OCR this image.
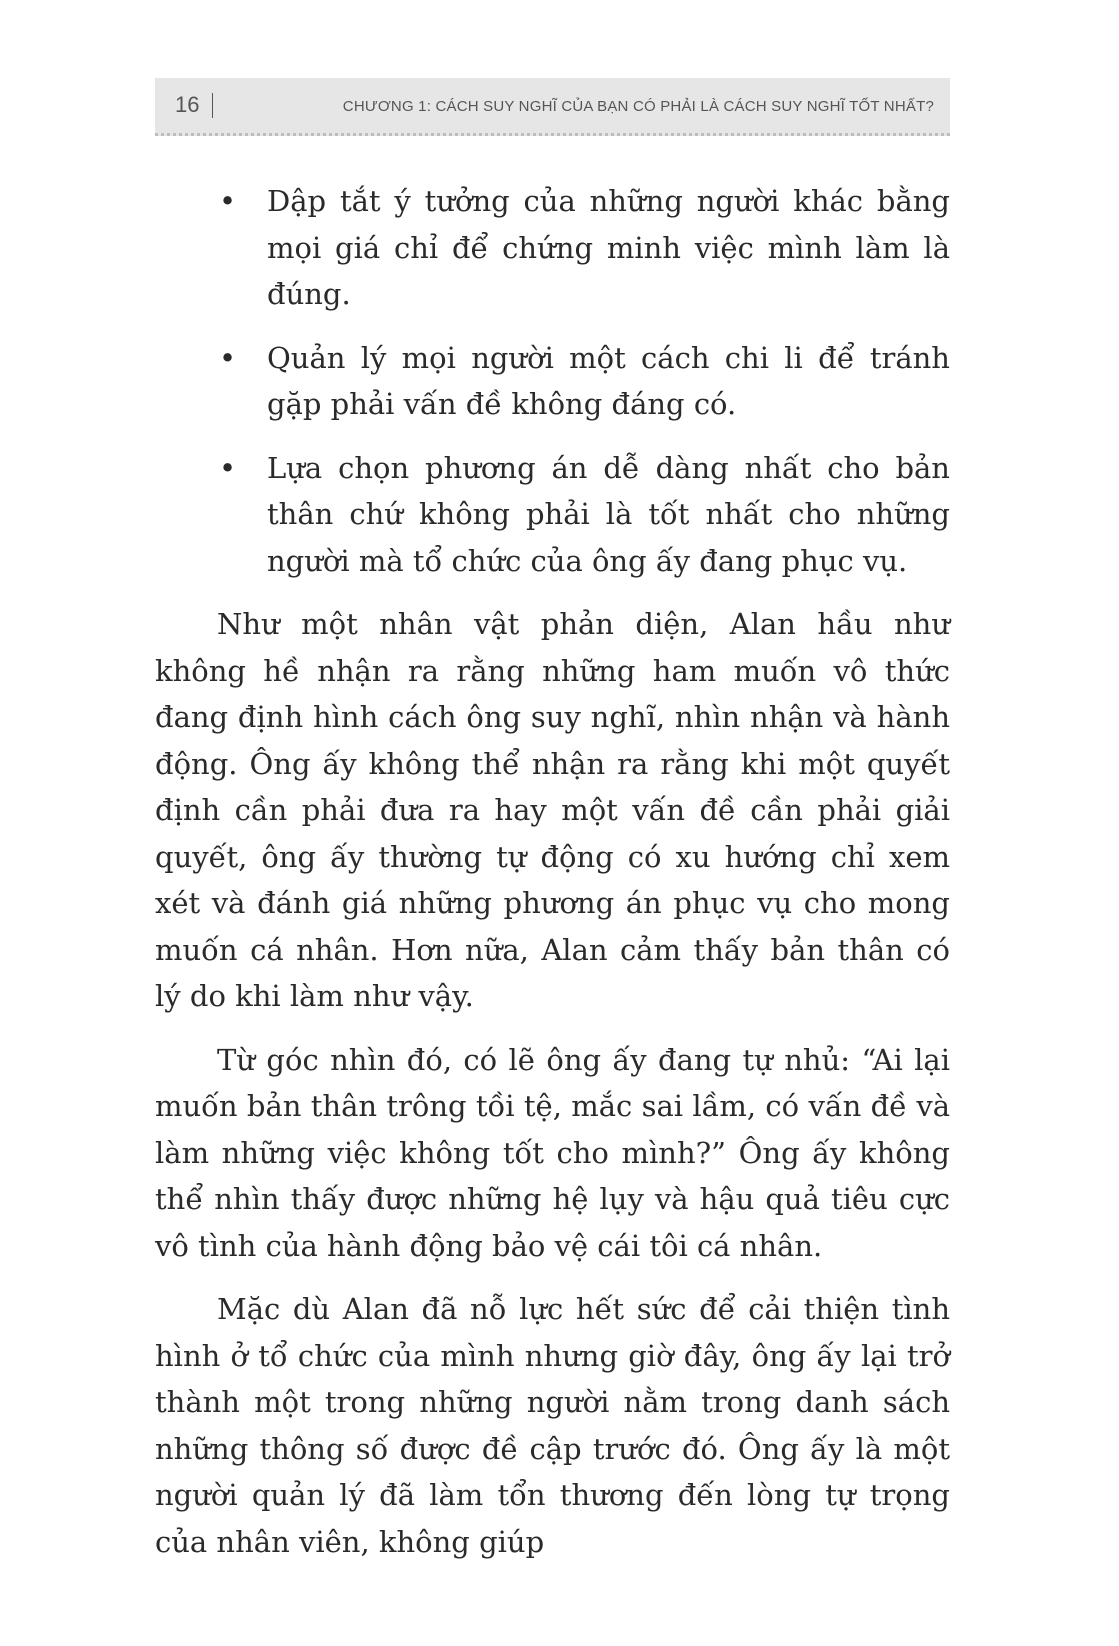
16	CHƯƠNG 1: CÁCH SUY NGHĨ CỦA BẠN CÓ PHẢI LÀ CÁCH SUY NGHĨ TỐT NHẤT?
• Dập tắt ý tưởng của những người khác bằng mọi giá chỉ để chứng minh việc mình làm là đúng.
• Quản lý mọi người một cách chi li để tránh gặp phải vấn đề không đáng có.
• Lựa chọn phương án dễ dàng nhất cho bản thân chứ không phải là tốt nhất cho những người mà tổ chức của ông ấy đang phục vụ.

Như một nhân vật phản diện, Alan hầu như không hề nhận ra rằng những ham muốn vô thức đang định hình cách ông suy nghĩ, nhìn nhận và hành động. Ông ấy không thể nhận ra rằng khi một quyết định cần phải đưa ra hay một vấn đề cần phải giải quyết, ông ấy thường tự động có xu hướng chỉ xem xét và đánh giá những phương án phục vụ cho mong muốn cá nhân. Hơn nữa, Alan cảm thấy bản thân có lý do khi làm như vậy.

Từ góc nhìn đó, có lẽ ông ấy đang tự nhủ: “Ai lại muốn bản thân trông tồi tệ, mắc sai lầm, có vấn đề và làm những việc không tốt cho mình?” Ông ấy không thể nhìn thấy được những hệ lụy và hậu quả tiêu cực vô tình của hành động bảo vệ cái tôi cá nhân.

Mặc dù Alan đã nỗ lực hết sức để cải thiện tình hình ở tổ chức của mình nhưng giờ đây, ông ấy lại trở thành một trong những người nằm trong danh sách những thông số được đề cập trước đó. Ông ấy là một người quản lý đã làm tổn thương đến lòng tự trọng của nhân viên, không giúp
